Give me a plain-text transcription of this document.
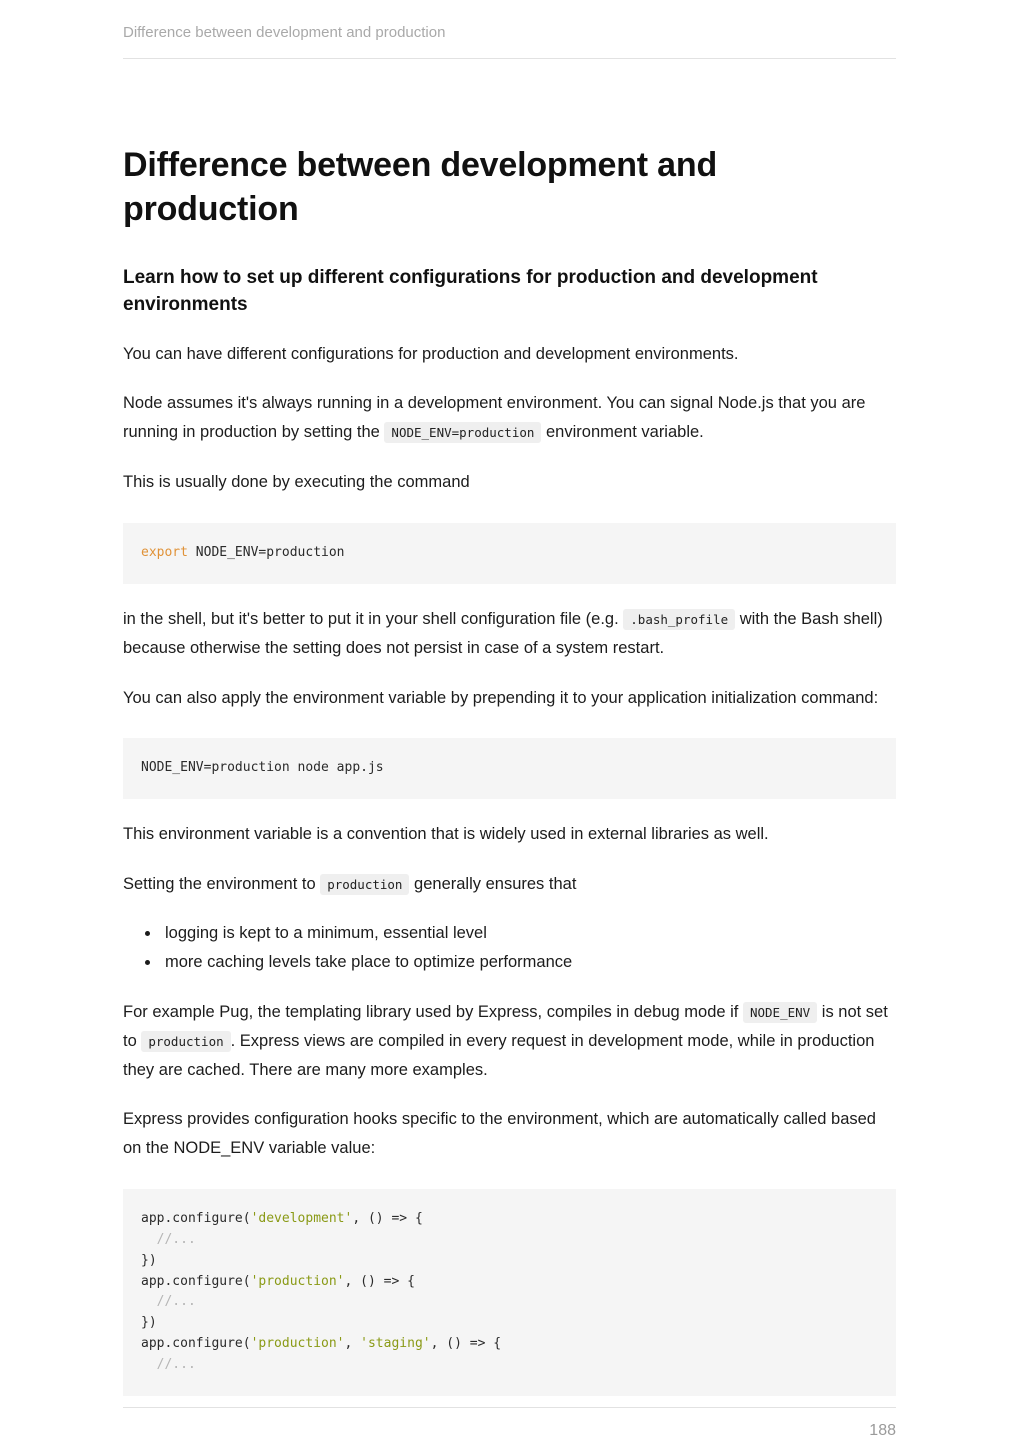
Difference between development and production
Difference between development and production
Learn how to set up different configurations for production and development environments

You can have different configurations for production and development environments.

Node assumes it's always running in a development environment. You can signal Node.js that you are running in production by setting the NODE_ENV=production environment variable.

This is usually done by executing the command

export NODE_ENV=production

in the shell, but it's better to put it in your shell configuration file (e.g. .bash_profile with the Bash shell) because otherwise the setting does not persist in case of a system restart.

You can also apply the environment variable by prepending it to your application initialization command:

NODE_ENV=production node app.js

This environment variable is a convention that is widely used in external libraries as well.

Setting the environment to production generally ensures that

• logging is kept to a minimum, essential level
• more caching levels take place to optimize performance

For example Pug, the templating library used by Express, compiles in debug mode if NODE_ENV is not set to production . Express views are compiled in every request in development mode, while in production they are cached. There are many more examples.

Express provides configuration hooks specific to the environment, which are automatically called based on the NODE_ENV variable value:

app.configure('development', () => {
//...
})
app.configure('production', () => {
//...
})
app.configure('production', 'staging', () => {
//...
188
